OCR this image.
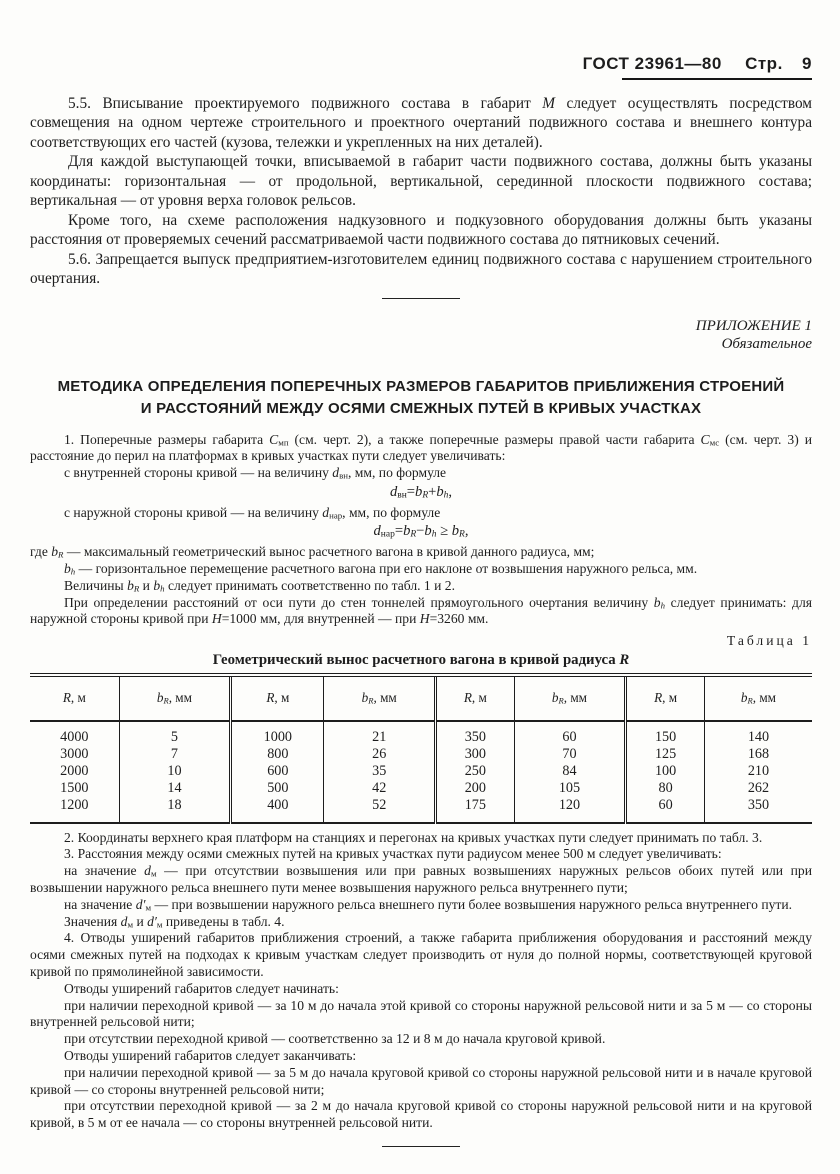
ГОСТ 23961—80 Стр. 9

5.5. Вписывание проектируемого подвижного состава в габарит М следует осуществлять посредством совмещения на одном чертеже строительного и проектного очертаний подвижного состава и внешнего контура соответствующих его частей (кузова, тележки и укрепленных на них деталей).

Для каждой выступающей точки, вписываемой в габарит части подвижного состава, должны быть указаны координаты: горизонтальная — от продольной, вертикальной, серединной плоскости подвижного состава; вертикальная — от уровня верха головок рельсов.

Кроме того, на схеме расположения надкузовного и подкузовного оборудования должны быть указаны расстояния от проверяемых сечений рассматриваемой части подвижного состава до пятниковых сечений.

5.6. Запрещается выпуск предприятием-изготовителем единиц подвижного состава с нарушением строительного очертания.

ПРИЛОЖЕНИЕ 1
Обязательное
МЕТОДИКА ОПРЕДЕЛЕНИЯ ПОПЕРЕЧНЫХ РАЗМЕРОВ ГАБАРИТОВ ПРИБЛИЖЕНИЯ СТРОЕНИЙ
И РАССТОЯНИЙ МЕЖДУ ОСЯМИ СМЕЖНЫХ ПУТЕЙ В КРИВЫХ УЧАСТКАХ

1. Поперечные размеры габарита $С_{мп}$ (см. черт. 2), а также поперечные размеры правой части габарита $С_{мс}$ (см. черт. 3) и расстояние до перил на платформах в кривых участках пути следует увеличивать:

с внутренней стороны кривой — на величину $d_{вн}$, мм, по формуле

$d_{вн}=b_R+b_h$,

с наружной стороны кривой — на величину $d_{нар}$, мм, по формуле

$d_{нар}=b_R-b_h \ge b_R$,

где $b_R$ — максимальный геометрический вынос расчетного вагона в кривой данного радиуса, мм;

$b_h$ — горизонтальное перемещение расчетного вагона при его наклоне от возвышения наружного рельса, мм.

Величины $b_R$ и $b_h$ следует принимать соответственно по табл. 1 и 2.

При определении расстояний от оси пути до стен тоннелей прямоугольного очертания величину $b_h$ следует принимать: для наружной стороны кривой при H=1000 мм, для внутренней — при H=3260 мм.

Таблица 1

Геометрический вынос расчетного вагона в кривой радиуса R

R, м	$b_R$, мм	R, м	$b_R$, мм	R, м	$b_R$, мм	R, м	$b_R$, мм
4000	5	1000	21	350	60	150	140
3000	7	800	26	300	70	125	168
2000	10	600	35	250	84	100	210
1500	14	500	42	200	105	80	262
1200	18	400	52	175	120	60	350

2. Координаты верхнего края платформ на станциях и перегонах на кривых участках пути следует принимать по табл. 3.

3. Расстояния между осями смежных путей на кривых участках пути радиусом менее 500 м следует увеличивать:

на значение $d_м$ — при отсутствии возвышения или при равных возвышениях наружных рельсов обоих путей или при возвышении наружного рельса внешнего пути менее возвышения наружного рельса внутреннего пути;

на значение $d'_м$ — при возвышении наружного рельса внешнего пути более возвышения наружного рельса внутреннего пути.

Значения $d_м$ и $d'_м$ приведены в табл. 4.

4. Отводы уширений габаритов приближения строений, а также габарита приближения оборудования и расстояний между осями смежных путей на подходах к кривым участкам следует производить от нуля до полной нормы, соответствующей круговой кривой по прямолинейной зависимости.

Отводы уширений габаритов следует начинать:

при наличии переходной кривой — за 10 м до начала этой кривой со стороны наружной рельсовой нити и за 5 м — со стороны внутренней рельсовой нити;

при отсутствии переходной кривой — соответственно за 12 и 8 м до начала круговой кривой.

Отводы уширений габаритов следует заканчивать:

при наличии переходной кривой — за 5 м до начала круговой кривой со стороны наружной рельсовой нити и в начале круговой кривой — со стороны внутренней рельсовой нити;

при отсутствии переходной кривой — за 2 м до начала круговой кривой со стороны наружной рельсовой нити и на круговой кривой, в 5 м от ее начала — со стороны внутренней рельсовой нити.
